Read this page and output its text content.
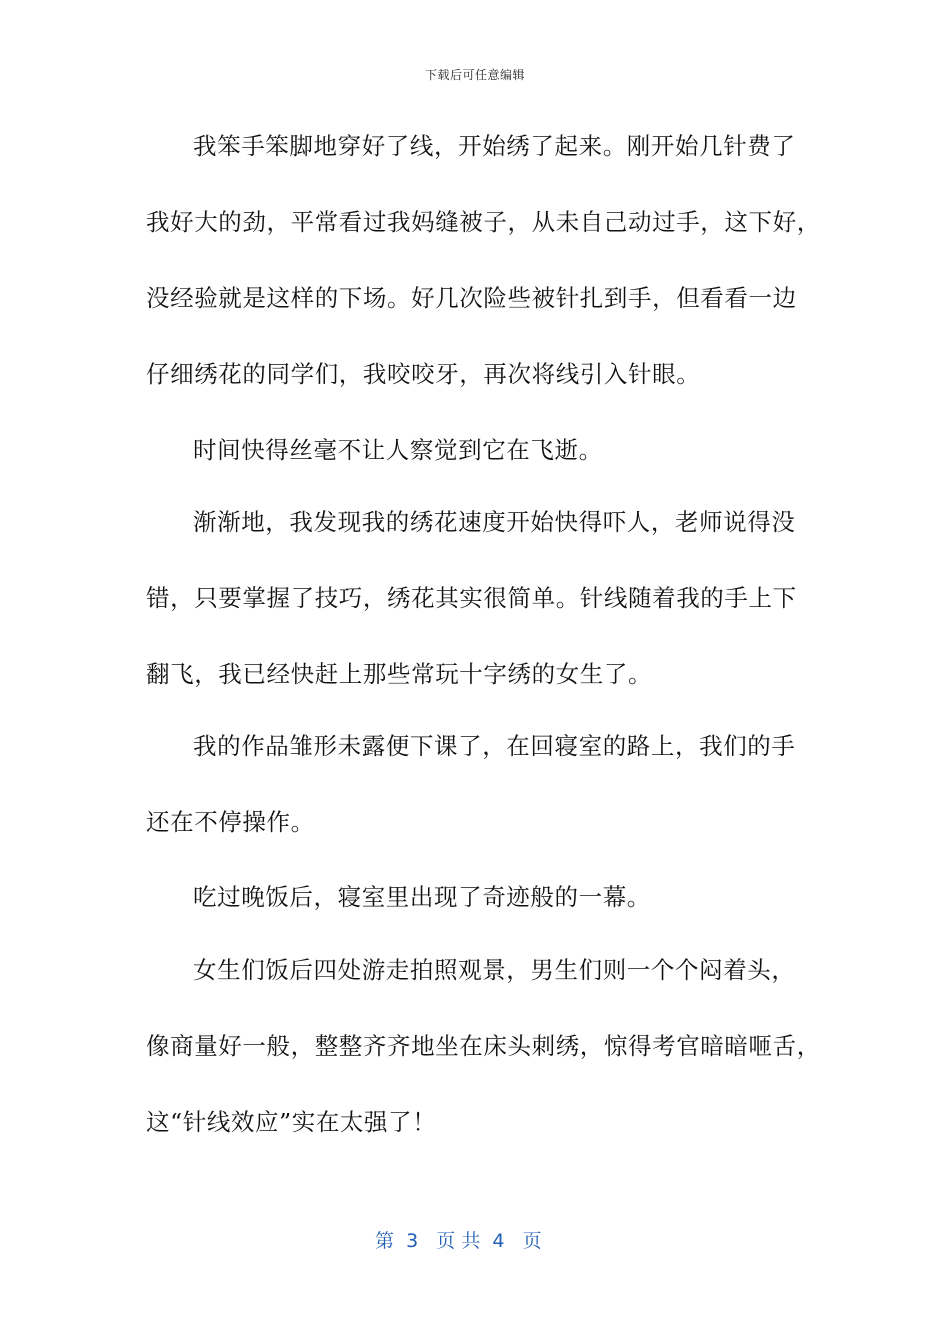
下载后可任意编辑
我笨手笨脚地穿好了线，开始绣了起来。刚开始几针费了
我好大的劲，平常看过我妈缝被子，从未自己动过手，这下好，
没经验就是这样的下场。好几次险些被针扎到手，但看看一边
仔细绣花的同学们，我咬咬牙，再次将线引入针眼。
时间快得丝毫不让人察觉到它在飞逝。
渐渐地，我发现我的绣花速度开始快得吓人，老师说得没
错，只要掌握了技巧，绣花其实很简单。针线随着我的手上下
翻飞，我已经快赶上那些常玩十字绣的女生了。
我的作品雏形未露便下课了，在回寝室的路上，我们的手
还在不停操作。
吃过晚饭后，寝室里出现了奇迹般的一幕。
女生们饭后四处游走拍照观景，男生们则一个个闷着头，
像商量好一般，整整齐齐地坐在床头刺绣，惊得考官暗暗咂舌，
这“针线效应”实在太强了！
第  3   页 共  4   页
